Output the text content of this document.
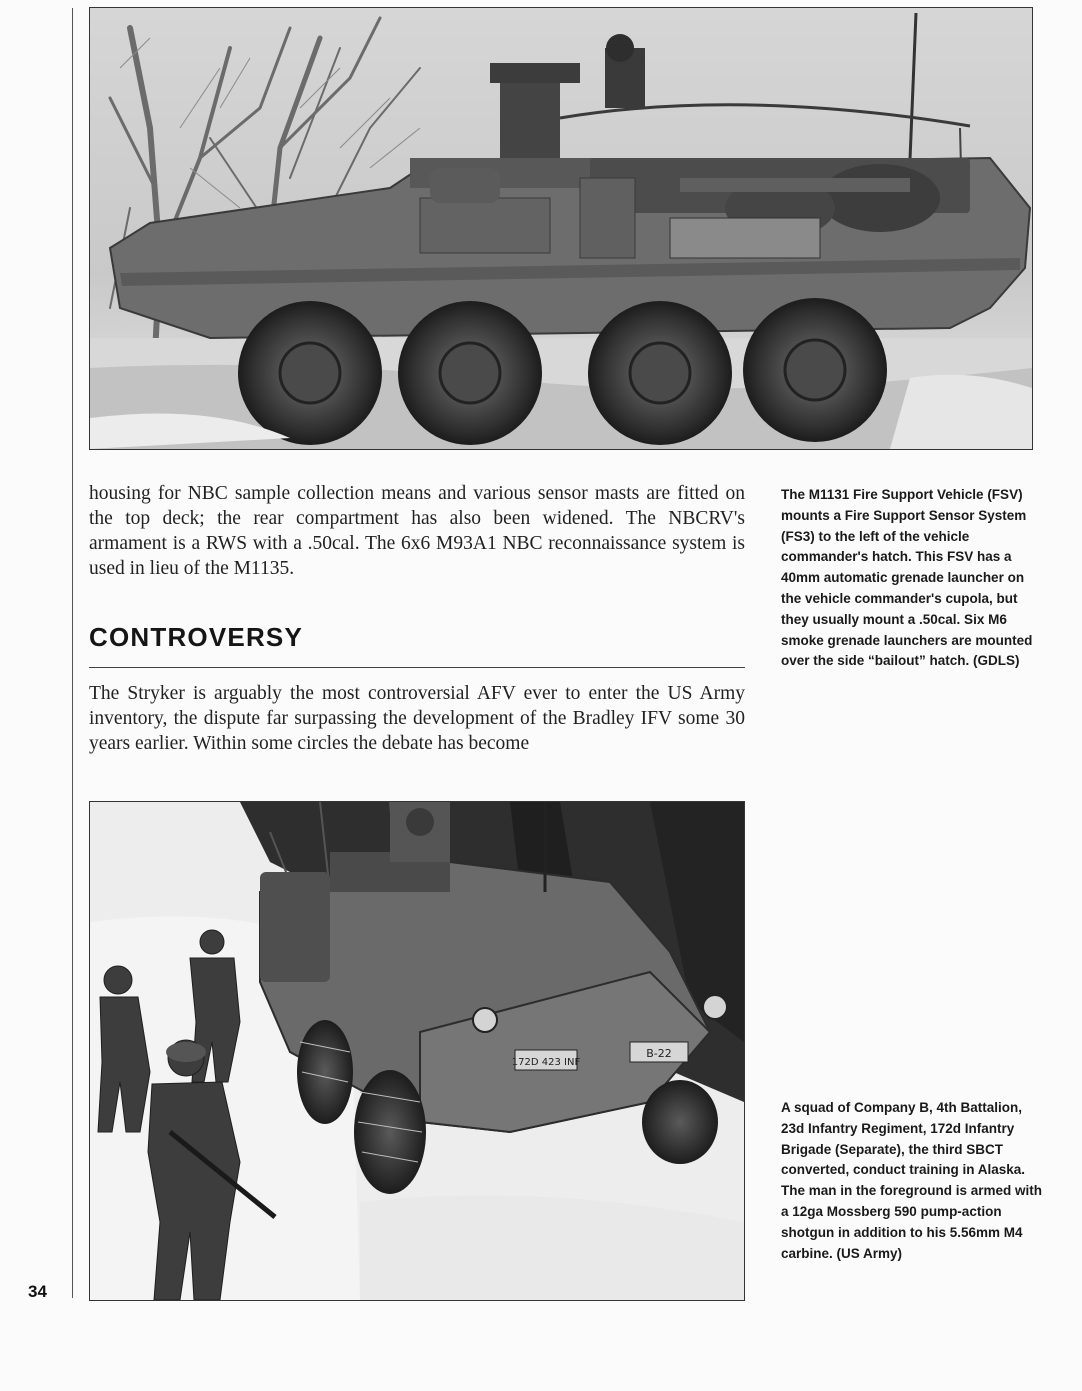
housing for NBC sample collection means and various sensor masts are fitted on the top deck; the rear compartment has also been widened. The NBCRV's armament is a RWS with a .50cal. The 6x6 M93A1 NBC reconnaissance system is used in lieu of the M1135.

CONTROVERSY

The Stryker is arguably the most controversial AFV ever to enter the US Army inventory, the dispute far surpassing the development of the Bradley IFV some 30 years earlier. Within some circles the debate has become

The M1131 Fire Support Vehicle (FSV) mounts a Fire Support Sensor System (FS3) to the left of the vehicle commander's hatch. This FSV has a 40mm automatic grenade launcher on the vehicle commander's cupola, but they usually mount a .50cal. Six M6 smoke grenade launchers are mounted over the side “bailout” hatch. (GDLS)

172D 423 INF
B-22

A squad of Company B, 4th Battalion, 23d Infantry Regiment, 172d Infantry Brigade (Separate), the third SBCT converted, conduct training in Alaska. The man in the foreground is armed with a 12ga Mossberg 590 pump-action shotgun in addition to his 5.56mm M4 carbine. (US Army)

34
